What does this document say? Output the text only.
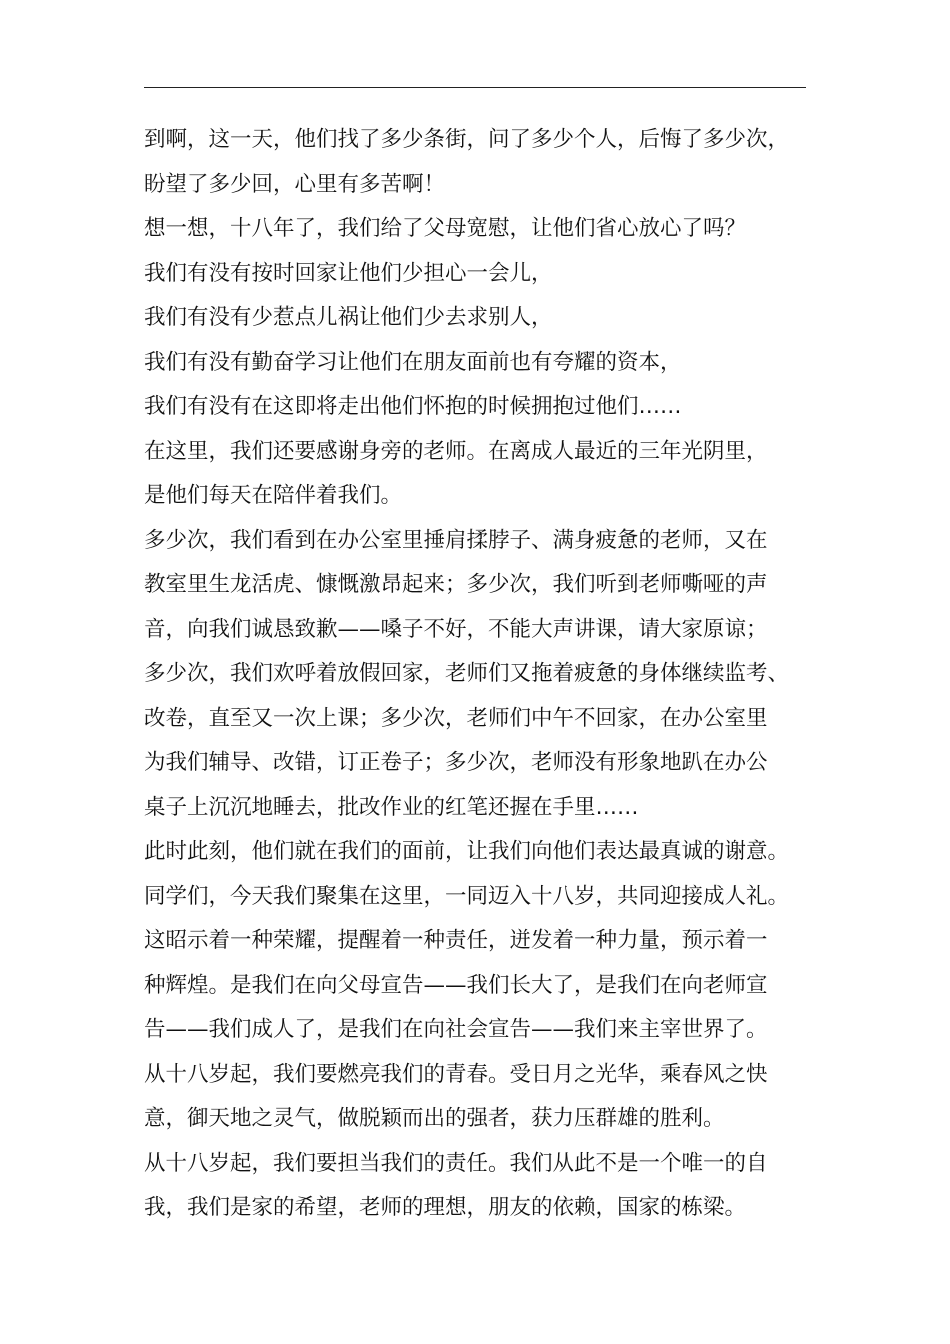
到啊，这一天，他们找了多少条街，问了多少个人，后悔了多少次，
盼望了多少回，心里有多苦啊！
想一想，十八年了，我们给了父母宽慰，让他们省心放心了吗？
我们有没有按时回家让他们少担心一会儿，
我们有没有少惹点儿祸让他们少去求别人，
我们有没有勤奋学习让他们在朋友面前也有夸耀的资本，
我们有没有在这即将走出他们怀抱的时候拥抱过他们……
在这里，我们还要感谢身旁的老师。在离成人最近的三年光阴里，
是他们每天在陪伴着我们。
多少次，我们看到在办公室里捶肩揉脖子、满身疲惫的老师，又在
教室里生龙活虎、慷慨激昂起来；多少次，我们听到老师嘶哑的声
音，向我们诚恳致歉——嗓子不好，不能大声讲课，请大家原谅；
多少次，我们欢呼着放假回家，老师们又拖着疲惫的身体继续监考、
改卷，直至又一次上课；多少次，老师们中午不回家，在办公室里
为我们辅导、改错，订正卷子；多少次，老师没有形象地趴在办公
桌子上沉沉地睡去，批改作业的红笔还握在手里……
此时此刻，他们就在我们的面前，让我们向他们表达最真诚的谢意。
同学们，今天我们聚集在这里，一同迈入十八岁，共同迎接成人礼。
这昭示着一种荣耀，提醒着一种责任，迸发着一种力量，预示着一
种辉煌。是我们在向父母宣告——我们长大了，是我们在向老师宣
告——我们成人了，是我们在向社会宣告——我们来主宰世界了。
从十八岁起，我们要燃亮我们的青春。受日月之光华，乘春风之快
意，御天地之灵气，做脱颖而出的强者，获力压群雄的胜利。
从十八岁起，我们要担当我们的责任。我们从此不是一个唯一的自
我，我们是家的希望，老师的理想，朋友的依赖，国家的栋梁。
